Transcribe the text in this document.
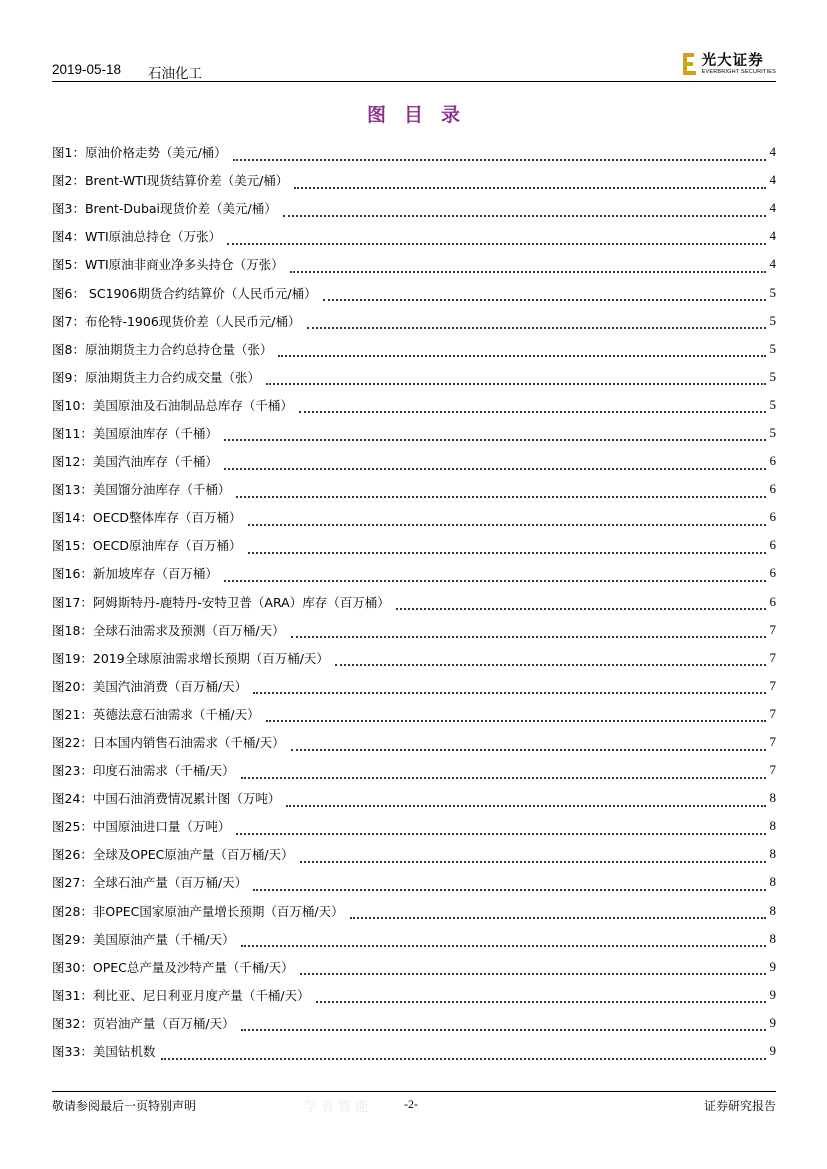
2019-05-18 石油化工
光大证券
EVERBRIGHT SECURITIES
图目录
图1：原油价格走势（美元/桶）	4
图2：Brent-WTI现货结算价差（美元/桶）	4
图3：Brent-Dubai现货价差（美元/桶）	4
图4：WTI原油总持仓（万张）	4
图5：WTI原油非商业净多头持仓（万张）	4
图6： SC1906期货合约结算价（人民币元/桶）	5
图7：布伦特-1906现货价差（人民币元/桶）	5
图8：原油期货主力合约总持仓量（张）	5
图9：原油期货主力合约成交量（张）	5
图10：美国原油及石油制品总库存（千桶）	5
图11：美国原油库存（千桶）	5
图12：美国汽油库存（千桶）	6
图13：美国馏分油库存（千桶）	6
图14：OECD整体库存（百万桶）	6
图15：OECD原油库存（百万桶）	6
图16：新加坡库存（百万桶）	6
图17：阿姆斯特丹-鹿特丹-安特卫普（ARA）库存（百万桶）	6
图18：全球石油需求及预测（百万桶/天）	7
图19：2019全球原油需求增长预期（百万桶/天）	7
图20：美国汽油消费（百万桶/天）	7
图21：英德法意石油需求（千桶/天）	7
图22：日本国内销售石油需求（千桶/天）	7
图23：印度石油需求（千桶/天）	7
图24：中国石油消费情况累计图（万吨）	8
图25：中国原油进口量（万吨）	8
图26：全球及OPEC原油产量（百万桶/天）	8
图27：全球石油产量（百万桶/天）	8
图28：非OPEC国家原油产量增长预期（百万桶/天）	8
图29：美国原油产量（千桶/天）	8
图30：OPEC总产量及沙特产量（千桶/天）	9
图31：利比亚、尼日利亚月度产量（千桶/天）	9
图32：页岩油产量（百万桶/天）	9
图33：美国钻机数	9
敬请参阅最后一页特别声明	学者智能	-2-	证券研究报告
